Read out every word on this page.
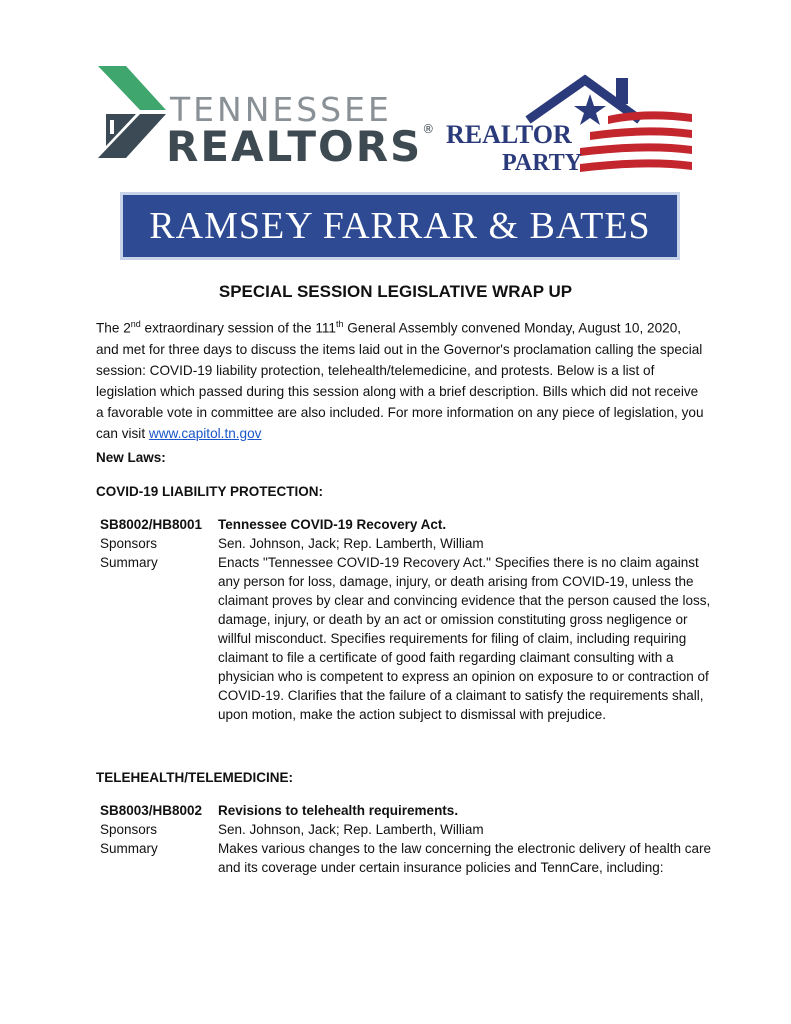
TENNESSEE
REALTORS® REALTOR
PARTY
RAMSEY FARRAR & BATES
SPECIAL SESSION LEGISLATIVE WRAP UP
The 2nd extraordinary session of the 111th General Assembly convened Monday, August 10, 2020, and met for three days to discuss the items laid out in the Governor's proclamation calling the special session: COVID-19 liability protection, telehealth/telemedicine, and protests. Below is a list of legislation which passed during this session along with a brief description. Bills which did not receive a favorable vote in committee are also included. For more information on any piece of legislation, you can visit www.capitol.tn.gov
New Laws:
COVID-19 LIABILITY PROTECTION:
SB8002/HB8001	Tennessee COVID-19 Recovery Act.
Sponsors	Sen. Johnson, Jack; Rep. Lamberth, William
Summary	Enacts "Tennessee COVID-19 Recovery Act." Specifies there is no claim against any person for loss, damage, injury, or death arising from COVID-19, unless the claimant proves by clear and convincing evidence that the person caused the loss, damage, injury, or death by an act or omission constituting gross negligence or willful misconduct. Specifies requirements for filing of claim, including requiring claimant to file a certificate of good faith regarding claimant consulting with a physician who is competent to express an opinion on exposure to or contraction of COVID-19. Clarifies that the failure of a claimant to satisfy the requirements shall, upon motion, make the action subject to dismissal with prejudice.
TELEHEALTH/TELEMEDICINE:
SB8003/HB8002	Revisions to telehealth requirements.
Sponsors	Sen. Johnson, Jack; Rep. Lamberth, William
Summary	Makes various changes to the law concerning the electronic delivery of health care and its coverage under certain insurance policies and TennCare, including:
